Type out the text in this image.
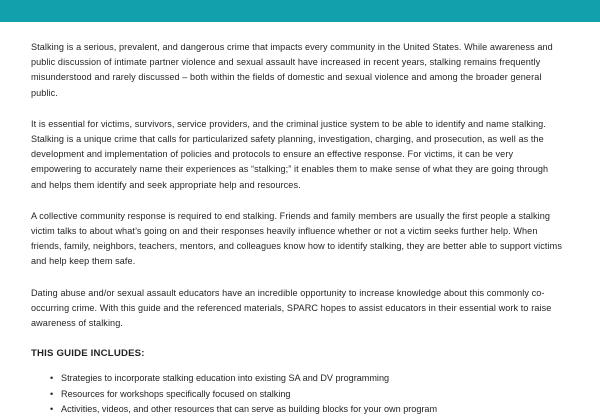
Stalking is a serious, prevalent, and dangerous crime that impacts every community in the United States. While awareness and public discussion of intimate partner violence and sexual assault have increased in recent years, stalking remains frequently misunderstood and rarely discussed – both within the fields of domestic and sexual violence and among the broader general public.

It is essential for victims, survivors, service providers, and the criminal justice system to be able to identify and name stalking. Stalking is a unique crime that calls for particularized safety planning, investigation, charging, and prosecution, as well as the development and implementation of policies and protocols to ensure an effective response. For victims, it can be very empowering to accurately name their experiences as “stalking;” it enables them to make sense of what they are going through and helps them identify and seek appropriate help and resources.

A collective community response is required to end stalking. Friends and family members are usually the first people a stalking victim talks to about what’s going on and their responses heavily influence whether or not a victim seeks further help. When friends, family, neighbors, teachers, mentors, and colleagues know how to identify stalking, they are better able to support victims and help keep them safe.

Dating abuse and/or sexual assault educators have an incredible opportunity to increase knowledge about this commonly co-occurring crime. With this guide and the referenced materials, SPARC hopes to assist educators in their essential work to raise awareness of stalking.

THIS GUIDE INCLUDES:
• Strategies to incorporate stalking education into existing SA and DV programming
• Resources for workshops specifically focused on stalking
• Activities, videos, and other resources that can serve as building blocks for your own program
